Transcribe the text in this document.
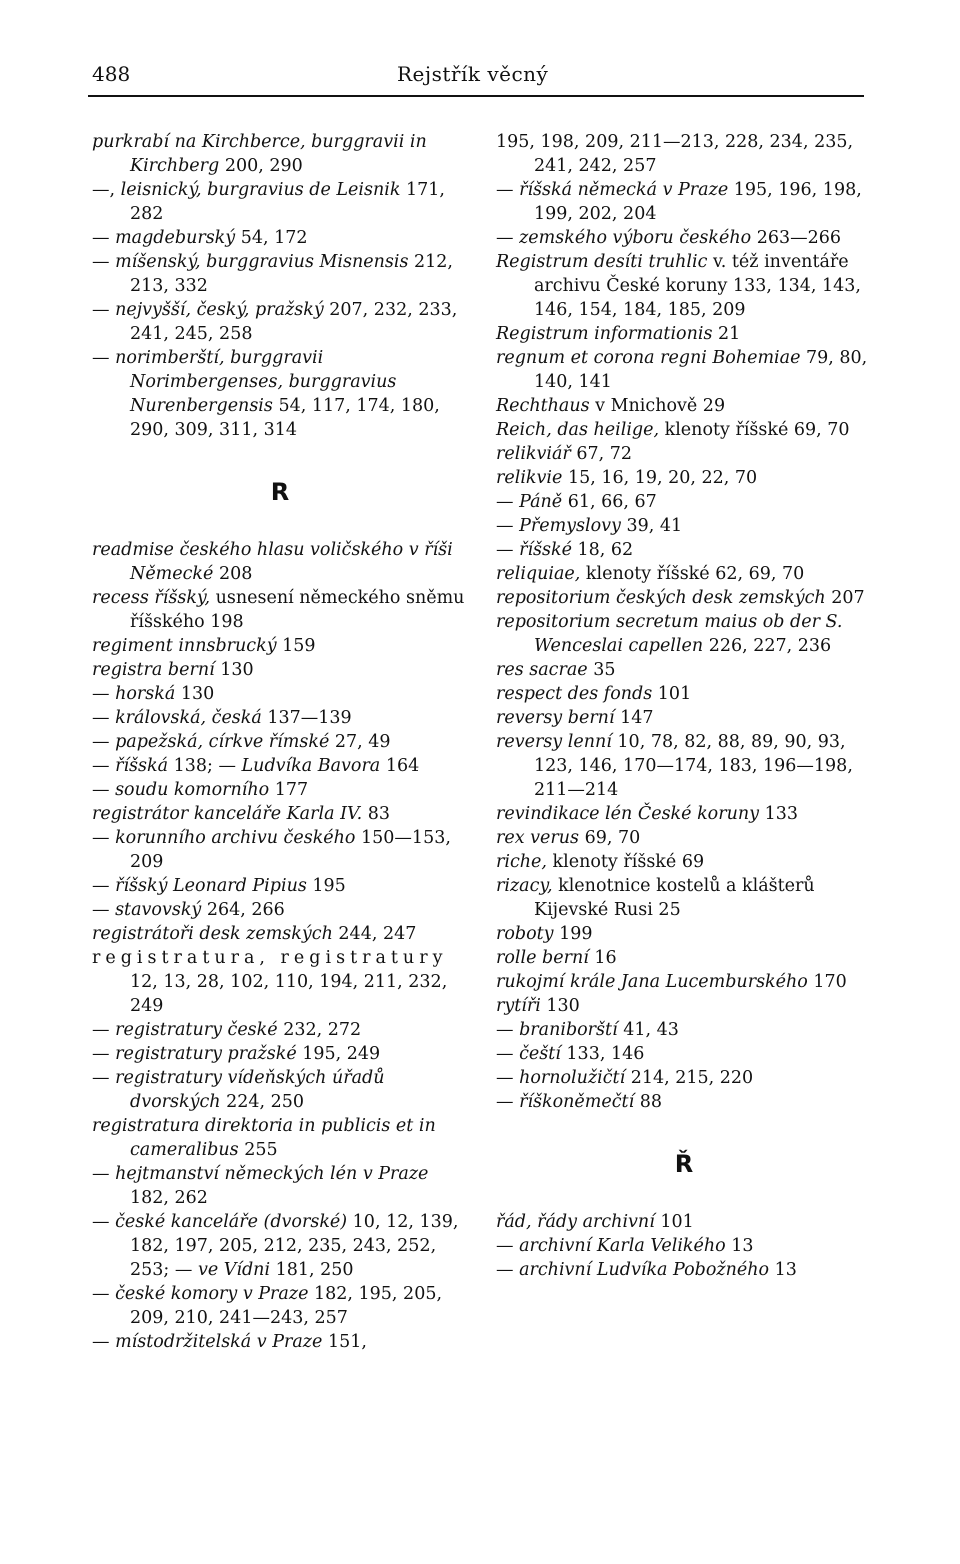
488	Rejstřík věcný

purkrabí na Kirchberce, burggravii in Kirchberg 200, 290

—, leisnický, burgravius de Leisnik 171, 282

— magdeburský 54, 172

— míšenský, burggravius Misnensis 212, 213, 332

— nejvyšší, český, pražský 207, 232, 233, 241, 245, 258

— norimberští, burggravii Norimbergenses, burggravius Nurenbergensis 54, 117, 174, 180, 290, 309, 311, 314

R

readmise českého hlasu voličského v říši Německé 208

recess říšský, usnesení německého sněmu říšského 198

regiment innsbrucký 159

registra berní 130

— horská 130

— královská, česká 137—139

— papežská, církve římské 27, 49

— říšská 138; — Ludvíka Bavora 164

— soudu komorního 177

registrátor kanceláře Karla IV. 83

— korunního archivu českého 150—153, 209

— říšský Leonard Pipius 195

— stavovský 264, 266

registrátoři desk zemských 244, 247

registratura, registratury 12, 13, 28, 102, 110, 194, 211, 232, 249

— registratury české 232, 272

— registratury pražské 195, 249

— registratury vídeňských úřadů dvorských 224, 250

registratura direktoria in publicis et in cameralibus 255

— hejtmanství německých lén v Praze 182, 262

— české kanceláře (dvorské) 10, 12, 139, 182, 197, 205, 212, 235, 243, 252, 253; — ve Vídni 181, 250

— české komory v Praze 182, 195, 205, 209, 210, 241—243, 257

— místodržitelská v Praze 151,

195, 198, 209, 211—213, 228, 234, 235, 241, 242, 257

— říšská německá v Praze 195, 196, 198, 199, 202, 204

— zemského výboru českého 263—266

Registrum desíti truhlic v. též inventáře archivu České koruny 133, 134, 143, 146, 154, 184, 185, 209

Registrum informationis 21

regnum et corona regni Bohemiae 79, 80, 140, 141

Rechthaus v Mnichově 29

Reich, das heilige, klenoty říšské 69, 70

relikviář 67, 72

relikvie 15, 16, 19, 20, 22, 70

— Páně 61, 66, 67

— Přemyslovy 39, 41

— říšské 18, 62

reliquiae, klenoty říšské 62, 69, 70

repositorium českých desk zemských 207

repositorium secretum maius ob der S. Wenceslai capellen 226, 227, 236

res sacrae 35

respect des fonds 101

reversy berní 147

reversy lenní 10, 78, 82, 88, 89, 90, 93, 123, 146, 170—174, 183, 196—198, 211—214

revindikace lén České koruny 133

rex verus 69, 70

riche, klenoty říšské 69

rizacy, klenotnice kostelů a klášterů Kijevské Rusi 25

roboty 199

rolle berní 16

rukojmí krále Jana Lucemburského 170

rytíři 130

— braniborští 41, 43

— čeští 133, 146

— hornolužičtí 214, 215, 220

— říškoněmečtí 88

Ř

řád, řády archivní 101

— archivní Karla Velikého 13

— archivní Ludvíka Pobožného 13
